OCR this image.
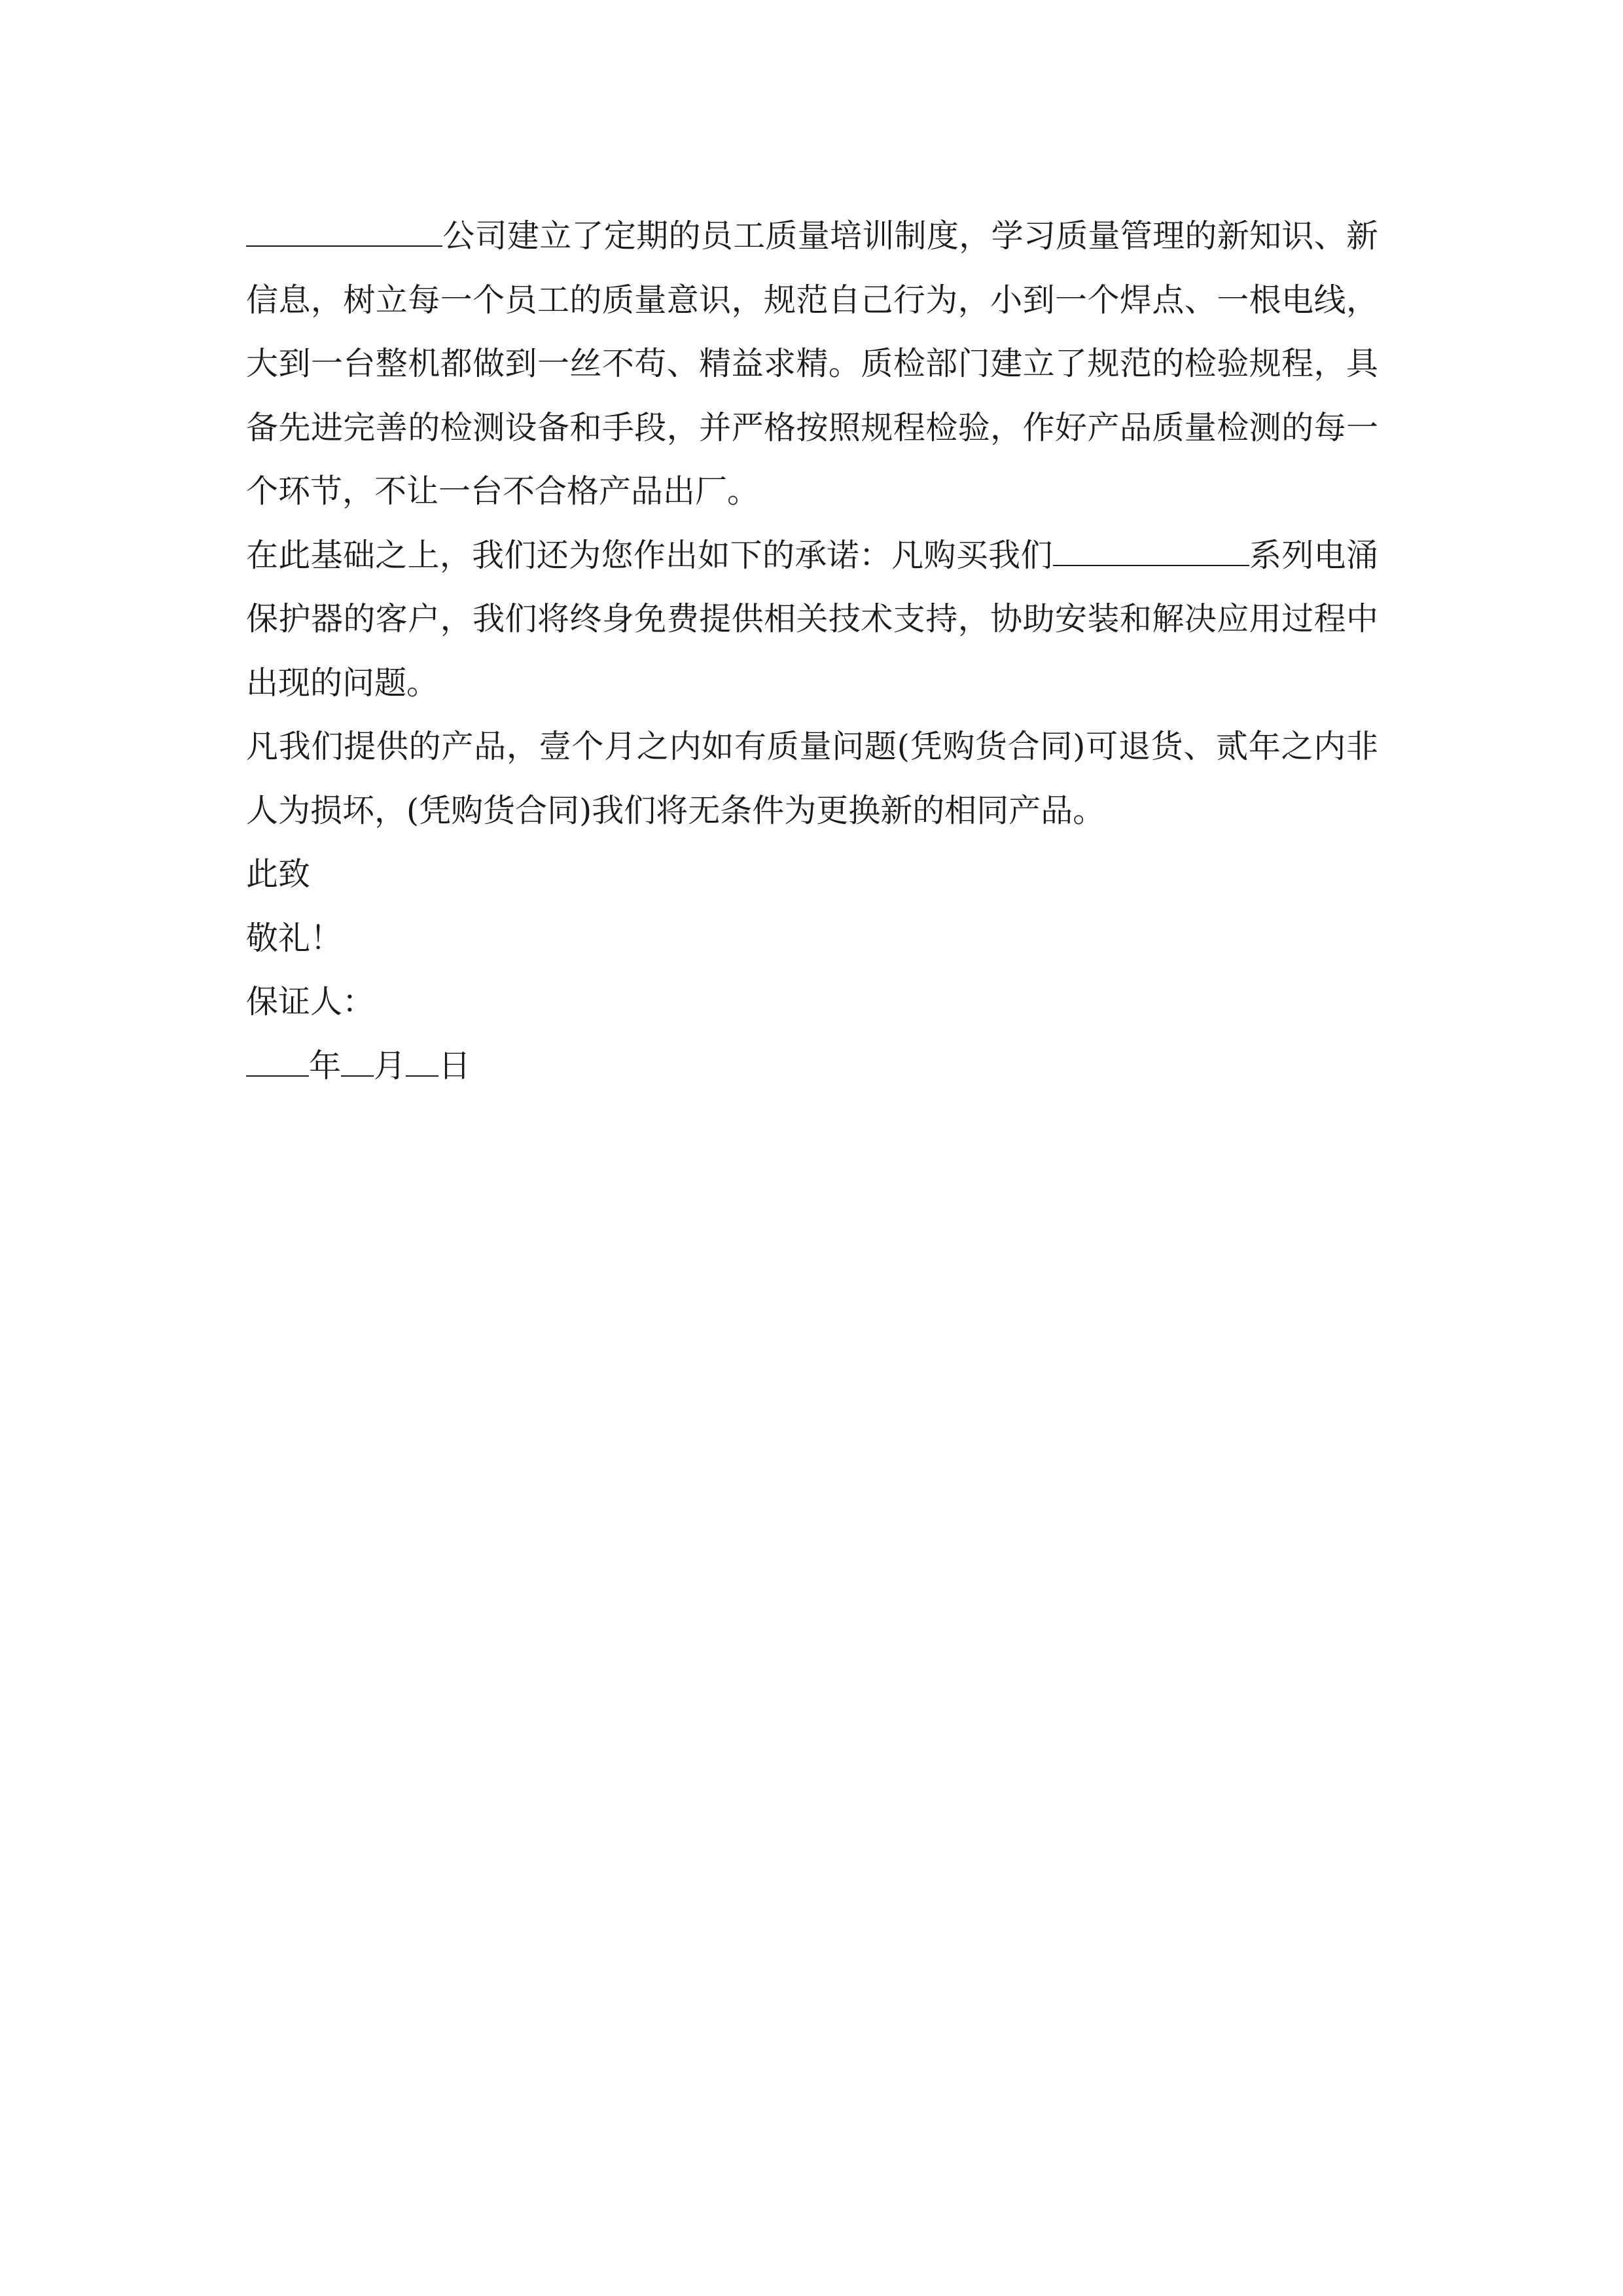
公司建立了定期的员工质量培训制度，学习质量管理的新知识、新信息，树立每一个员工的质量意识，规范自己行为，小到一个焊点、一根电线，大到一台整机都做到一丝不苟、精益求精。质检部门建立了规范的检验规程，具备先进完善的检测设备和手段，并严格按照规程检验，作好产品质量检测的每一个环节，不让一台不合格产品出厂。

在此基础之上，我们还为您作出如下的承诺：凡购买我们	系列电涌保护器的客户，我们将终身免费提供相关技术支持，协助安装和解决应用过程中出现的问题。

凡我们提供的产品，壹个月之内如有质量问题(凭购货合同)可退货、贰年之内非人为损坏，(凭购货合同)我们将无条件为更换新的相同产品。

此致

敬礼！

保证人：

年 月 日
